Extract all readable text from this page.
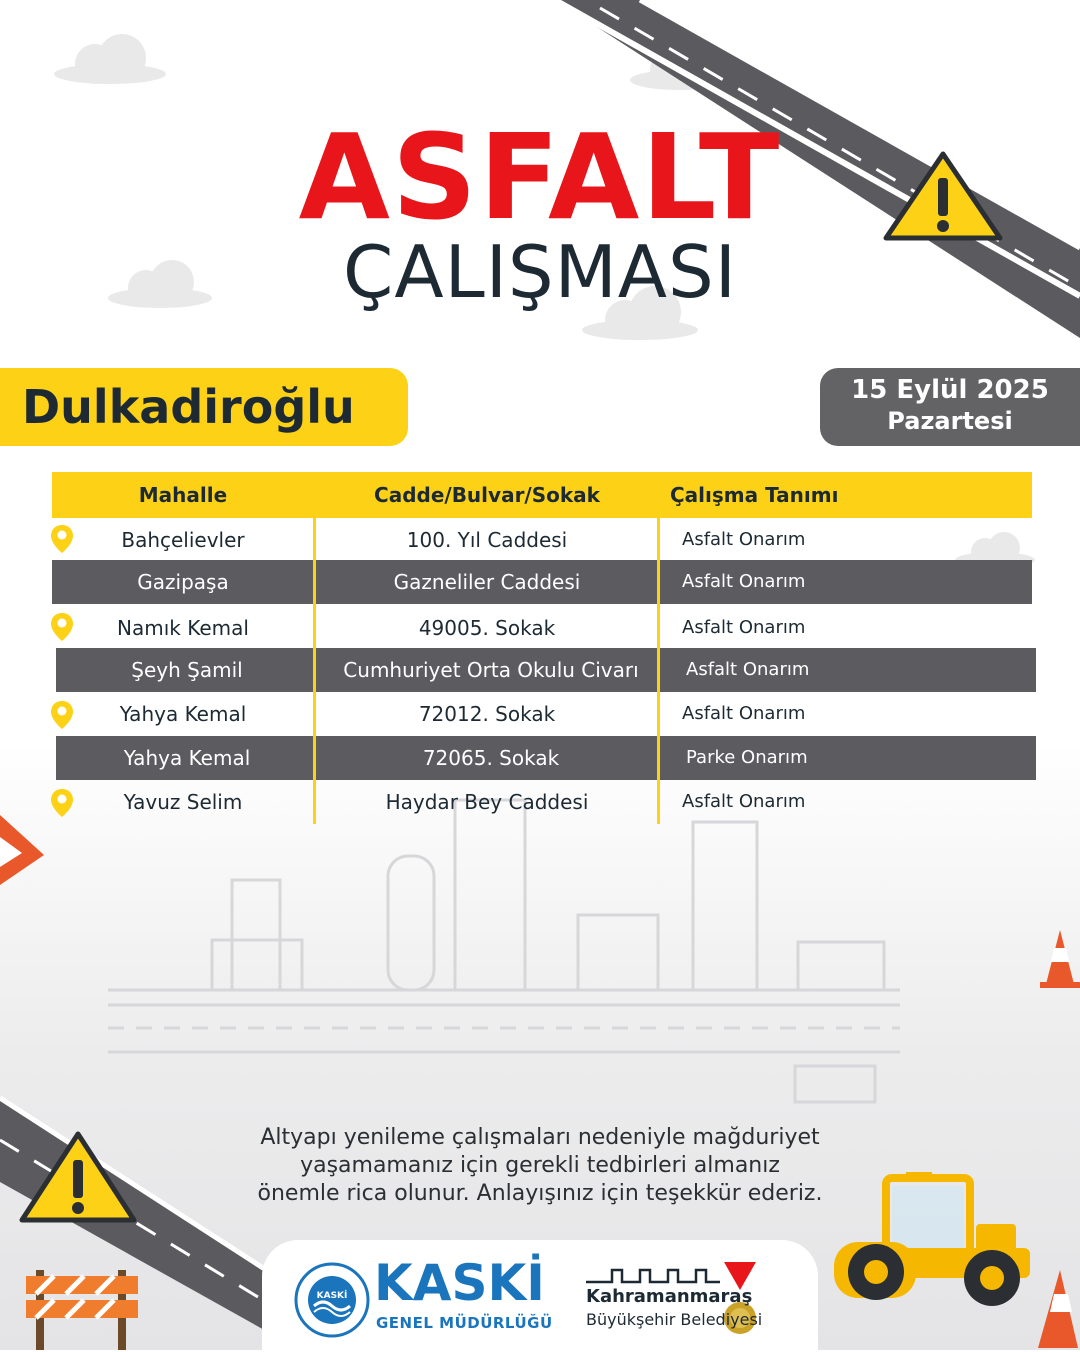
ASFALT
ÇALIŞMASI
Dulkadiroğlu	15 Eylül 2025
Pazartesi
Mahalle	Cadde/Bulvar/Sokak	Çalışma Tanımı
Bahçelievler	100. Yıl Caddesi	Asfalt Onarım
Gazipaşa	Gazneliler Caddesi	Asfalt Onarım
Namık Kemal	49005. Sokak	Asfalt Onarım
Şeyh Şamil	Cumhuriyet Orta Okulu Civarı	Asfalt Onarım
Yahya Kemal	72012. Sokak	Asfalt Onarım
Yahya Kemal	72065. Sokak	Parke Onarım
Yavuz Selim	Haydar Bey Caddesi	Asfalt Onarım
Altyapı yenileme çalışmaları nedeniyle mağduriyet
yaşamamanız için gerekli tedbirleri almanız
önemle rica olunur. Anlayışınız için teşekkür ederiz.
KASKİ KASKİ
GENEL MÜDÜRLÜĞÜ
Kahramanmaraş
Büyükşehir Belediyesi
